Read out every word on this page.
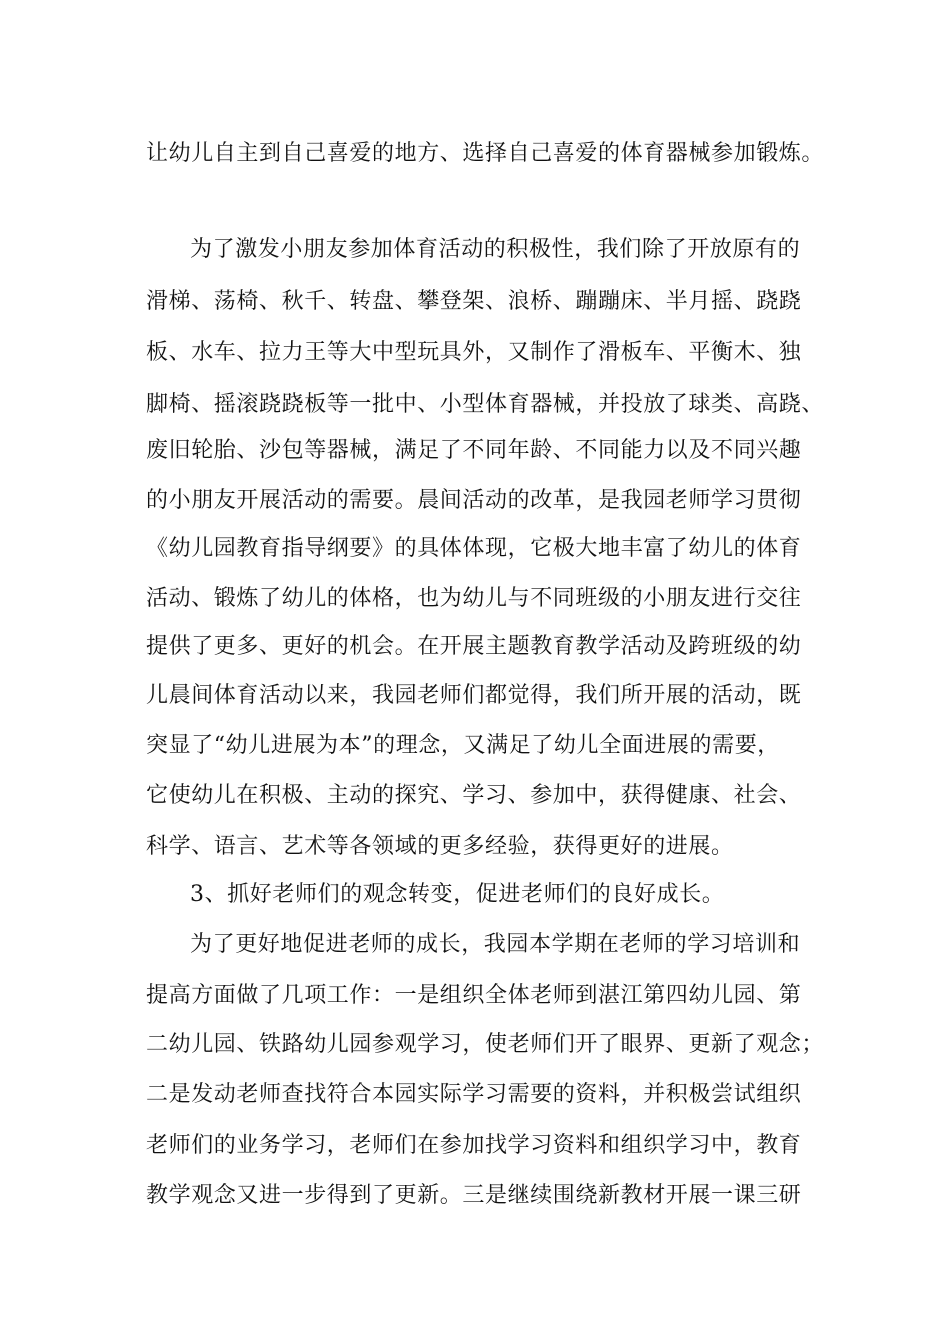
让幼儿自主到自己喜爱的地方、选择自己喜爱的体育器械参加锻炼。

为了激发小朋友参加体育活动的积极性，我们除了开放原有的

滑梯、荡椅、秋千、转盘、攀登架、浪桥、蹦蹦床、半月摇、跷跷

板、水车、拉力王等大中型玩具外，又制作了滑板车、平衡木、独

脚椅、摇滚跷跷板等一批中、小型体育器械，并投放了球类、高跷、

废旧轮胎、沙包等器械，满足了不同年龄、不同能力以及不同兴趣

的小朋友开展活动的需要。晨间活动的改革，是我园老师学习贯彻

《幼儿园教育指导纲要》的具体体现，它极大地丰富了幼儿的体育

活动、锻炼了幼儿的体格，也为幼儿与不同班级的小朋友进行交往

提供了更多、更好的机会。在开展主题教育教学活动及跨班级的幼

儿晨间体育活动以来，我园老师们都觉得，我们所开展的活动，既

突显了“幼儿进展为本”的理念，又满足了幼儿全面进展的需要，

它使幼儿在积极、主动的探究、学习、参加中，获得健康、社会、

科学、语言、艺术等各领域的更多经验，获得更好的进展。

3、抓好老师们的观念转变，促进老师们的良好成长。

为了更好地促进老师的成长，我园本学期在老师的学习培训和

提高方面做了几项工作：一是组织全体老师到湛江第四幼儿园、第

二幼儿园、铁路幼儿园参观学习，使老师们开了眼界、更新了观念；

二是发动老师查找符合本园实际学习需要的资料，并积极尝试组织

老师们的业务学习，老师们在参加找学习资料和组织学习中，教育

教学观念又进一步得到了更新。三是继续围绕新教材开展一课三研
